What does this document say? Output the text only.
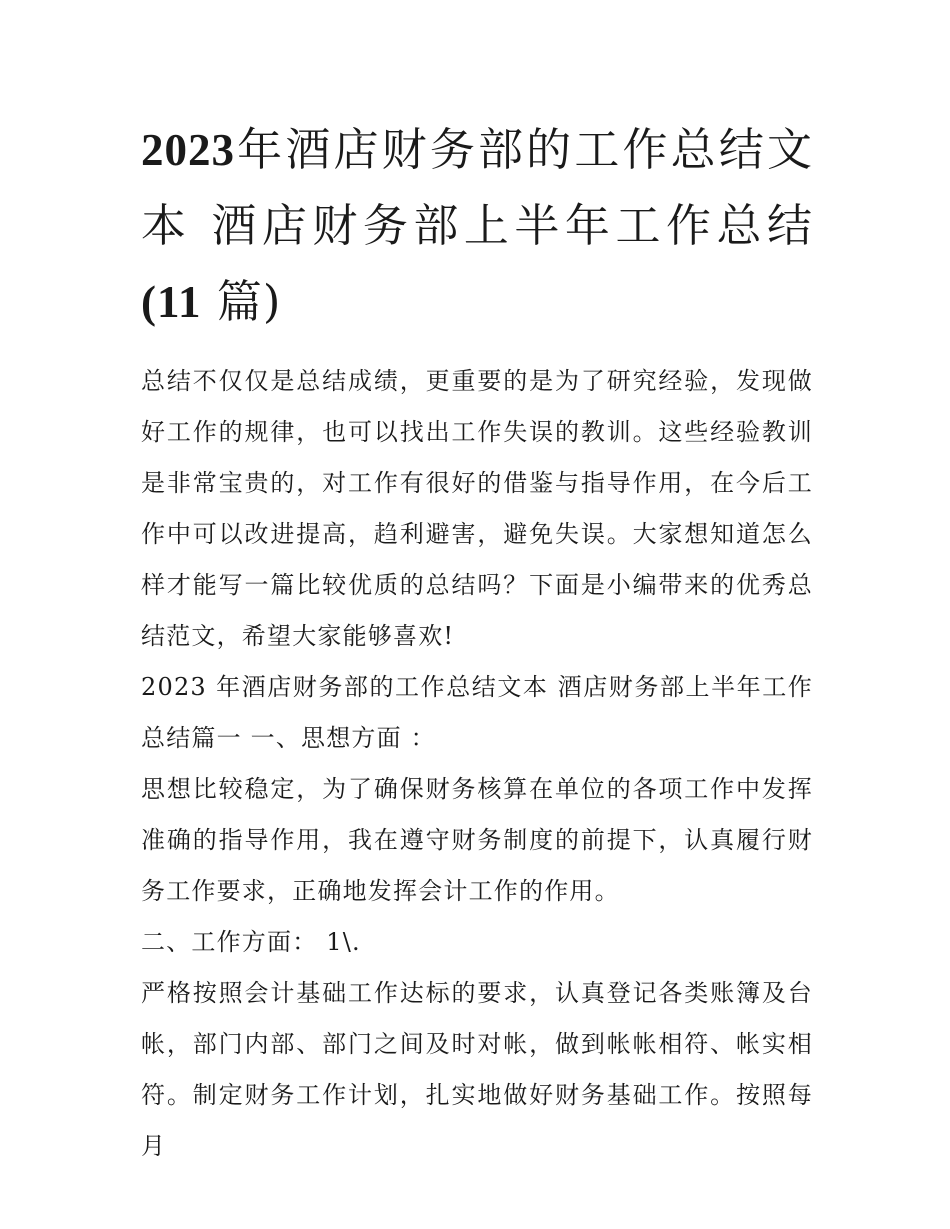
2023年酒店财务部的工作总结文本 酒店财务部上半年工作总结(11 篇)

总结不仅仅是总结成绩，更重要的是为了研究经验，发现做好工作的规律，也可以找出工作失误的教训。这些经验教训是非常宝贵的，对工作有很好的借鉴与指导作用，在今后工作中可以改进提高，趋利避害，避免失误。大家想知道怎么样才能写一篇比较优质的总结吗？下面是小编带来的优秀总结范文，希望大家能够喜欢!

2023 年酒店财务部的工作总结文本 酒店财务部上半年工作总结篇一 一、思想方面 ：

思想比较稳定，为了确保财务核算在单位的各项工作中发挥准确的指导作用，我在遵守财务制度的前提下，认真履行财务工作要求，正确地发挥会计工作的作用。

二、工作方面： 1\.

严格按照会计基础工作达标的要求，认真登记各类账簿及台帐，部门内部、部门之间及时对帐，做到帐帐相符、帐实相符。制定财务工作计划，扎实地做好财务基础工作。按照每月
